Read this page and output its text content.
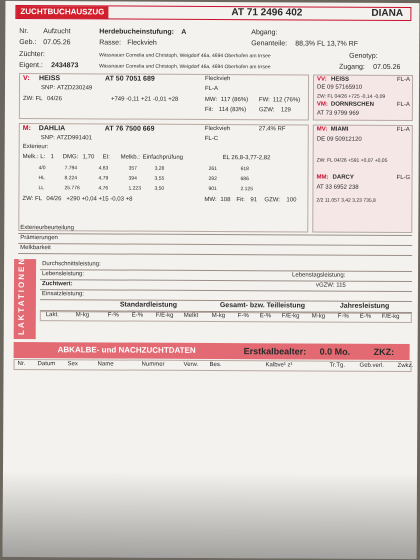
ZUCHTBUCHAUSZUG	AT 71 2496 402	DIANA
Nr. Aufzucht	Herdebucheinstufung: A	Abgang:
Geb.: 07.05.26	Rasse: Fleckvieh	Genanteile: 88,3% FL 13,7% RF
Züchter:	Wassnauer Cornelia und Christoph, Weigdorf 46a, 4694 Oberhofen am Irrsee	Genotyp:
Eigent.: 2434873	Wassnauer Cornelia und Christoph, Weigdorf 46a, 4694 Oberhofen am Irrsee	Zugang: 07.05.26
V: HEISS	AT 50 7051 689	Fleckvieh
SNP: ATZD230249	FL-A
ZW: FL 04/26	+749 -0,11 +21 -0,01 +28	MW: 117 (86%) FW: 112 (76%)
Fit: 114 (83%) GZW: 129
VV: HEISS	FL-A
DE 09 57165910
ZW: FL 04/26 +725 -0,14 -0,09
VM: DORNRSCHEN	FL-A
AT 73 9799 969
M: DAHLIA	AT 76 7500 669	Fleckvieh	27,4% RF
SNP: ATZD991401	FL-C
Exterieur:
Melk.: L: 1 DMG: 1,70 EI: Melkb.: Einfachprüfung	EL 26,8-3,77-2,82
4/0	7.794	4,63	357	3,28	261	618
HL	8.224	4,79	394	3,55	292	686
LL	25.776	4,76	1.223	3,50	901	2.125
ZW: FL 04/26 +290 +0,04 +15 -0,03 +8	MW: 108 Fit: 91 GZW: 100
MV: MIAMI	FL-A
DE 09 50912120
ZW: FL 04/26 +591 +0,07 +0,05
MM: DARCY	FL-G
AT 33 6952 238
2/2 11.057 3,42 3,23 735,8
Exterieurbeurteilung
Prämierungen
Melkbarkeit
LAKTATIONEN	Durchschnittsleistung:
Lebensleistung:	Lebenstagsleistung:
Zuchtwert:	vGZW: 115
Einsatzleistung:
Standardleistung	Gesamt- bzw. Teilleistung	Jahresleistung
Lakt.	M-kg	F-% E-% F/E-kg Melkt M-kg F-% E-% F/E-kg M-kg F-% E-% F/E-kg
ABKALBE- und NACHZUCHTDATEN	Erstkalbealter: 0.0 Mo.	ZKZ:
Nr. Datum Sex	Name	Nummer	Verw. Bes.	Kalbve¹ z¹	Tr.Tg. Geb.verl. Zwkz.
